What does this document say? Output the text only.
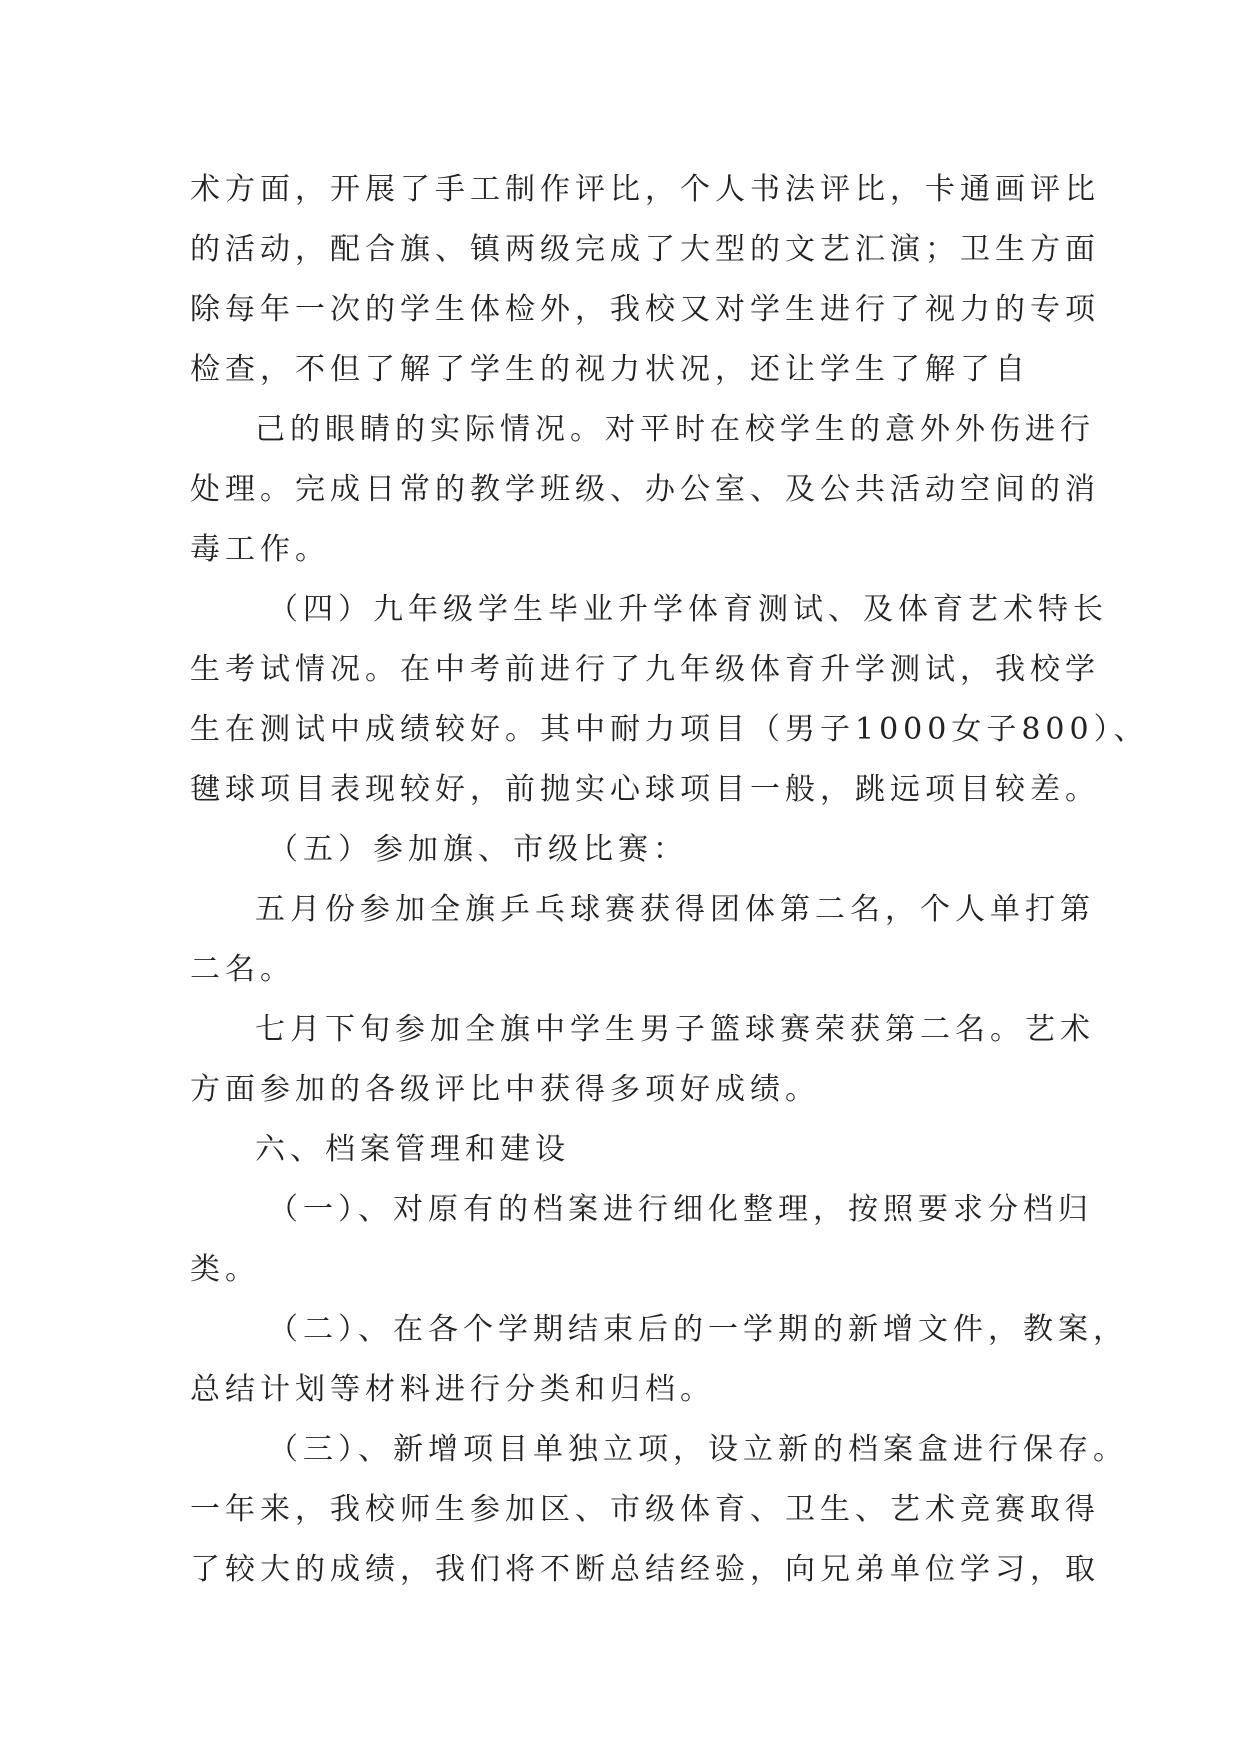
术方面，开展了手工制作评比，个人书法评比，卡通画评比
的活动，配合旗、镇两级完成了大型的文艺汇演；卫生方面
除每年一次的学生体检外，我校又对学生进行了视力的专项
检查，不但了解了学生的视力状况，还让学生了解了自
己的眼睛的实际情况。对平时在校学生的意外外伤进行
处理。完成日常的教学班级、办公室、及公共活动空间的消
毒工作。
（四）九年级学生毕业升学体育测试、及体育艺术特长
生考试情况。在中考前进行了九年级体育升学测试，我校学
生在测试中成绩较好。其中耐力项目（男子1000女子800）、
毽球项目表现较好，前抛实心球项目一般，跳远项目较差。
（五）参加旗、市级比赛：
五月份参加全旗乒乓球赛获得团体第二名，个人单打第
二名。
七月下旬参加全旗中学生男子篮球赛荣获第二名。艺术
方面参加的各级评比中获得多项好成绩。
六、档案管理和建设
（一）、对原有的档案进行细化整理，按照要求分档归
类。
（二）、在各个学期结束后的一学期的新增文件，教案，
总结计划等材料进行分类和归档。
（三）、新增项目单独立项，设立新的档案盒进行保存。
一年来，我校师生参加区、市级体育、卫生、艺术竞赛取得
了较大的成绩，我们将不断总结经验，向兄弟单位学习，取
